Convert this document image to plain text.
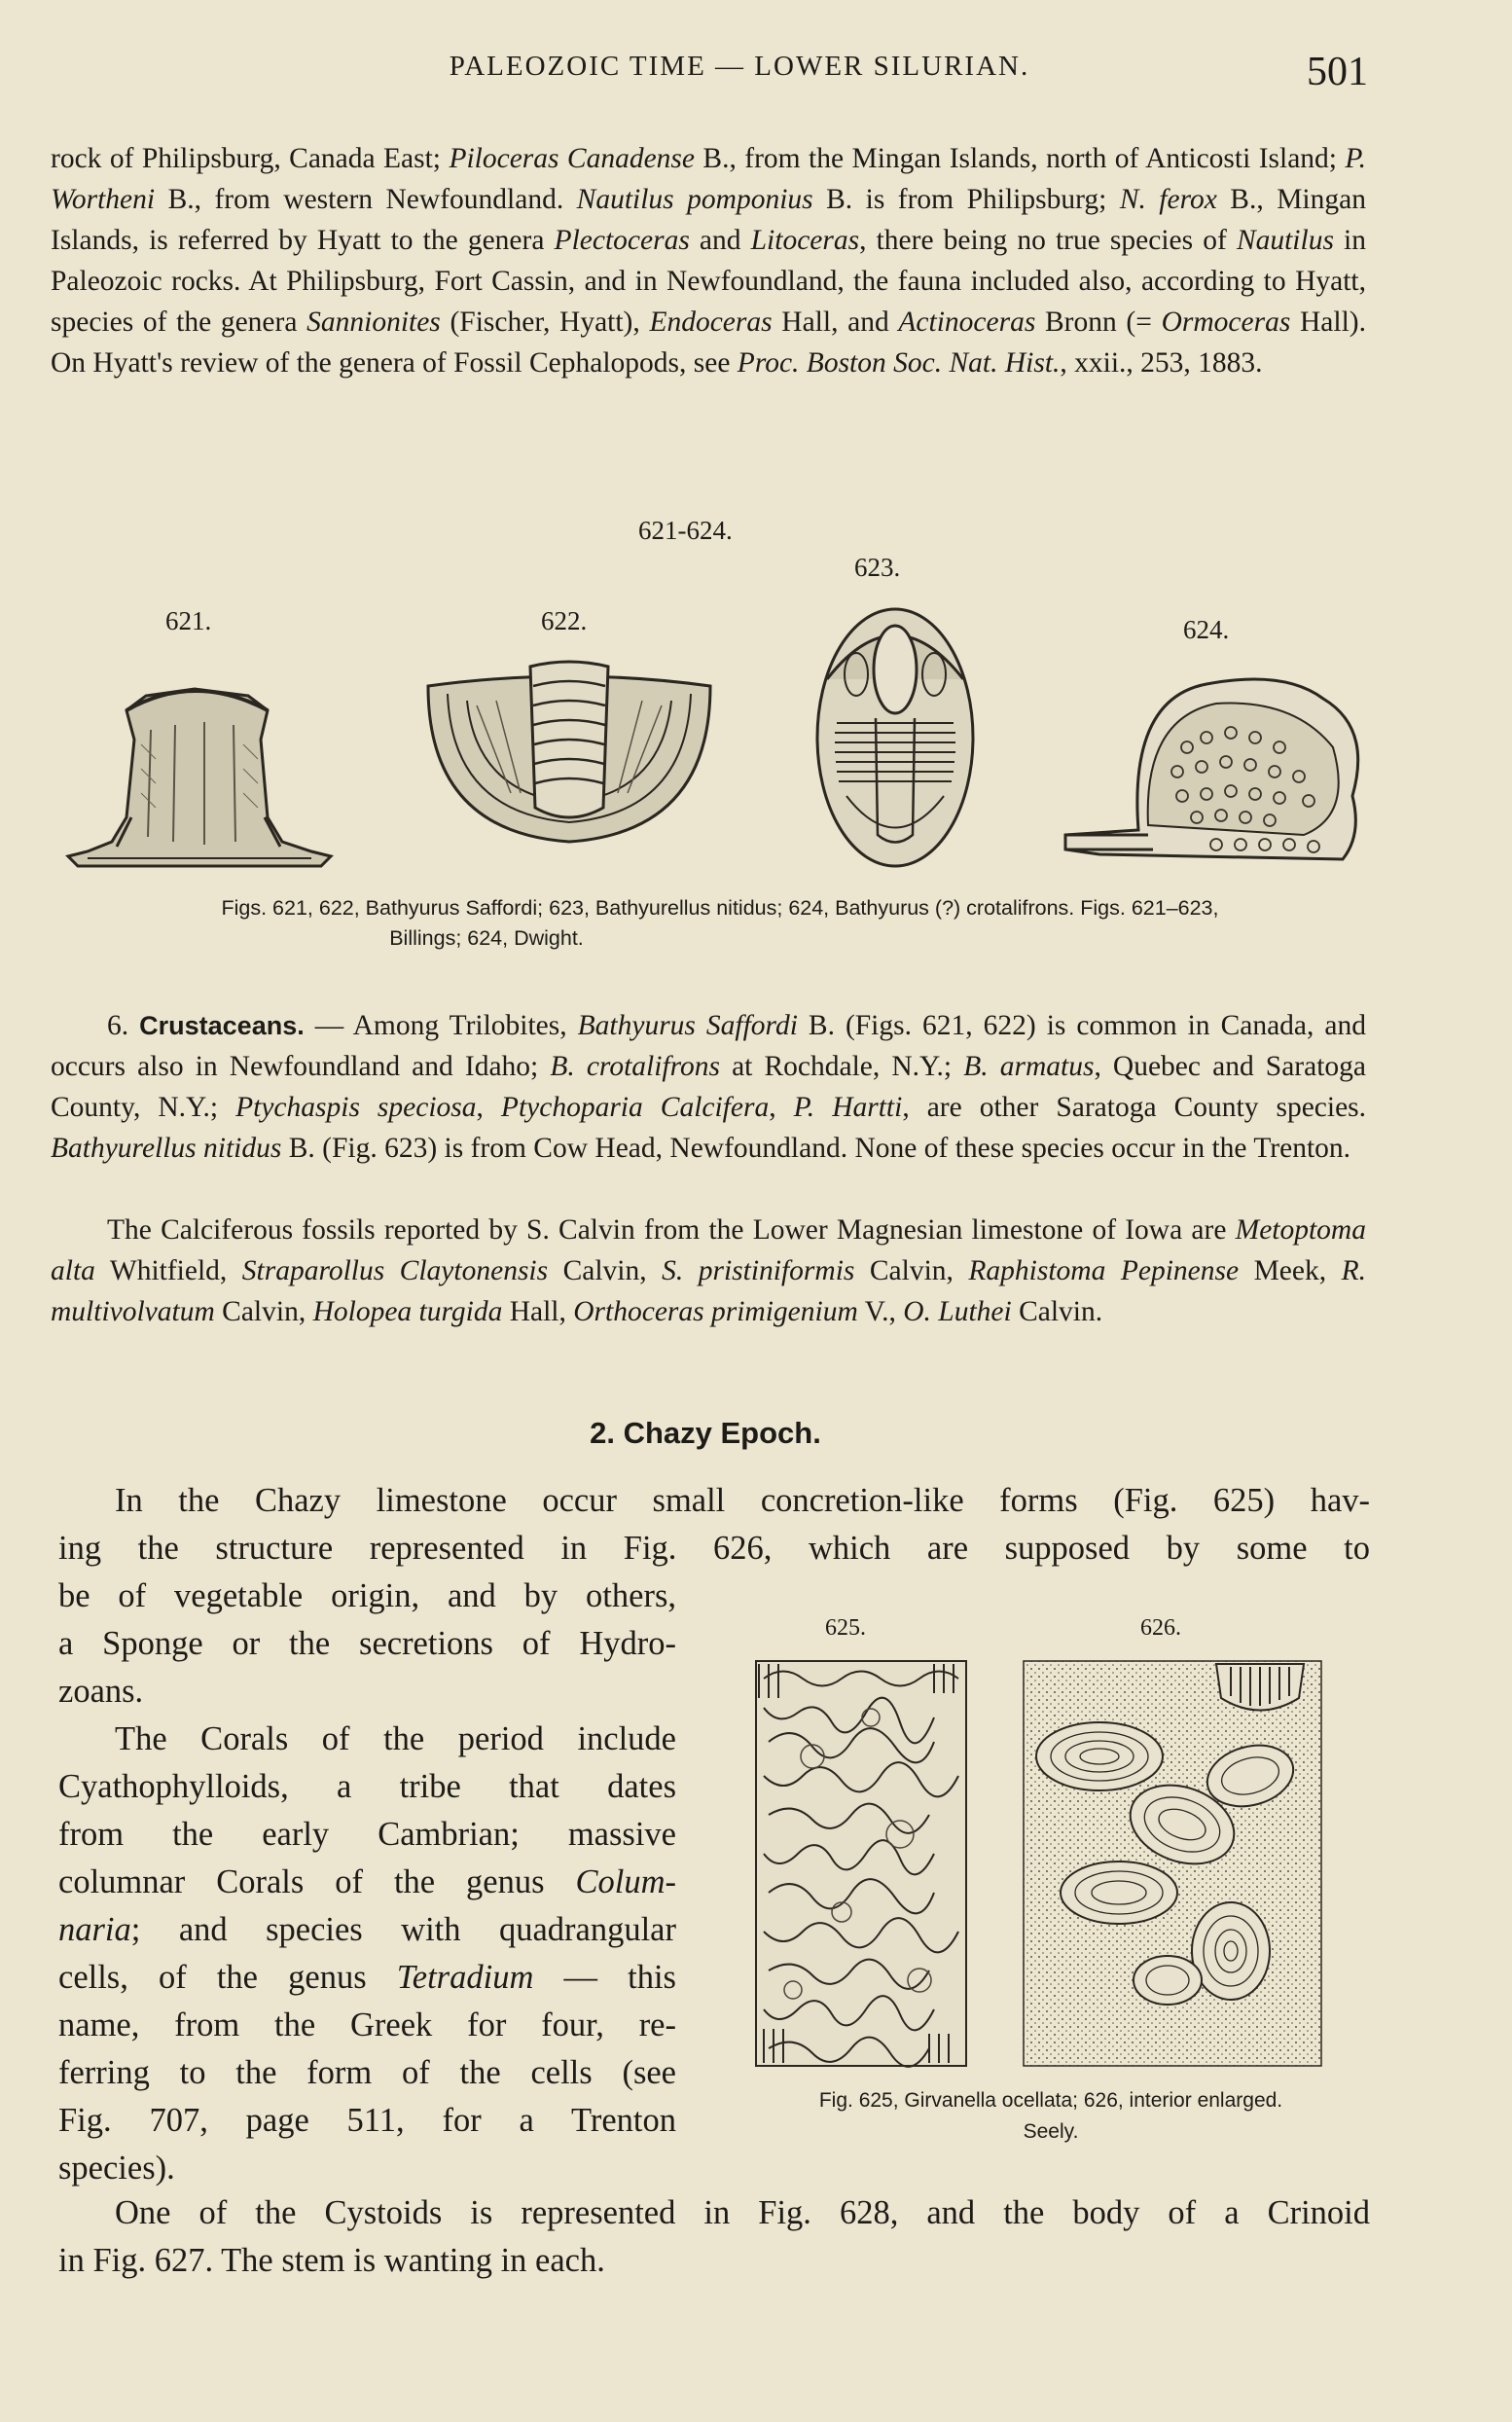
PALEOZOIC TIME — LOWER SILURIAN.	501

rock of Philipsburg, Canada East; Piloceras Canadense B., from the Mingan Islands, north of Anticosti Island; P. Wortheni B., from western Newfoundland. Nautilus pomponius B. is from Philipsburg; N. ferox B., Mingan Islands, is referred by Hyatt to the genera Plectoceras and Litoceras, there being no true species of Nautilus in Paleozoic rocks. At Philipsburg, Fort Cassin, and in Newfoundland, the fauna included also, according to Hyatt, species of the genera Sannionites (Fischer, Hyatt), Endoceras Hall, and Actinoceras Bronn (= Ormoceras Hall). On Hyatt's review of the genera of Fossil Cephalopods, see Proc. Boston Soc. Nat. Hist., xxii., 253, 1883.

621-624.
621.	622.
623.
624.
Figs. 621, 622, Bathyurus Saffordi; 623, Bathyurellus nitidus; 624, Bathyurus (?) crotalifrons. Figs. 621–623,
Billings; 624, Dwight.

6. Crustaceans. — Among Trilobites, Bathyurus Saffordi B. (Figs. 621, 622) is common in Canada, and occurs also in Newfoundland and Idaho; B. crotalifrons at Rochdale, N.Y.; B. armatus, Quebec and Saratoga County, N.Y.; Ptychaspis speciosa, Ptychoparia Calcifera, P. Hartti, are other Saratoga County species. Bathyurellus nitidus B. (Fig. 623) is from Cow Head, Newfoundland. None of these species occur in the Trenton.

The Calciferous fossils reported by S. Calvin from the Lower Magnesian limestone of Iowa are Metoptoma alta Whitfield, Straparollus Claytonensis Calvin, S. pristiniformis Calvin, Raphistoma Pepinense Meek, R. multivolvatum Calvin, Holopea turgida Hall, Orthoceras primigenium V., O. Luthei Calvin.

2. Chazy Epoch.
In the Chazy limestone occur small concretion-like forms (Fig. 625) hav-
ing the structure represented in Fig. 626, which are supposed by some to
be of vegetable origin, and by others,
a Sponge or the secretions of Hydro-
zoans.
The Corals of the period include
Cyathophylloids, a tribe that dates
from the early Cambrian; massive
columnar Corals of the genus Colum-
naria; and species with quadrangular
cells, of the genus Tetradium — this
name, from the Greek for four, re-
ferring to the form of the cells (see
Fig. 707, page 511, for a Trenton
species).
One of the Cystoids is represented in Fig. 628, and the body of a Crinoid
in Fig. 627. The stem is wanting in each.
625.	626.
Fig. 625, Girvanella ocellata; 626, interior enlarged.
Seely.
